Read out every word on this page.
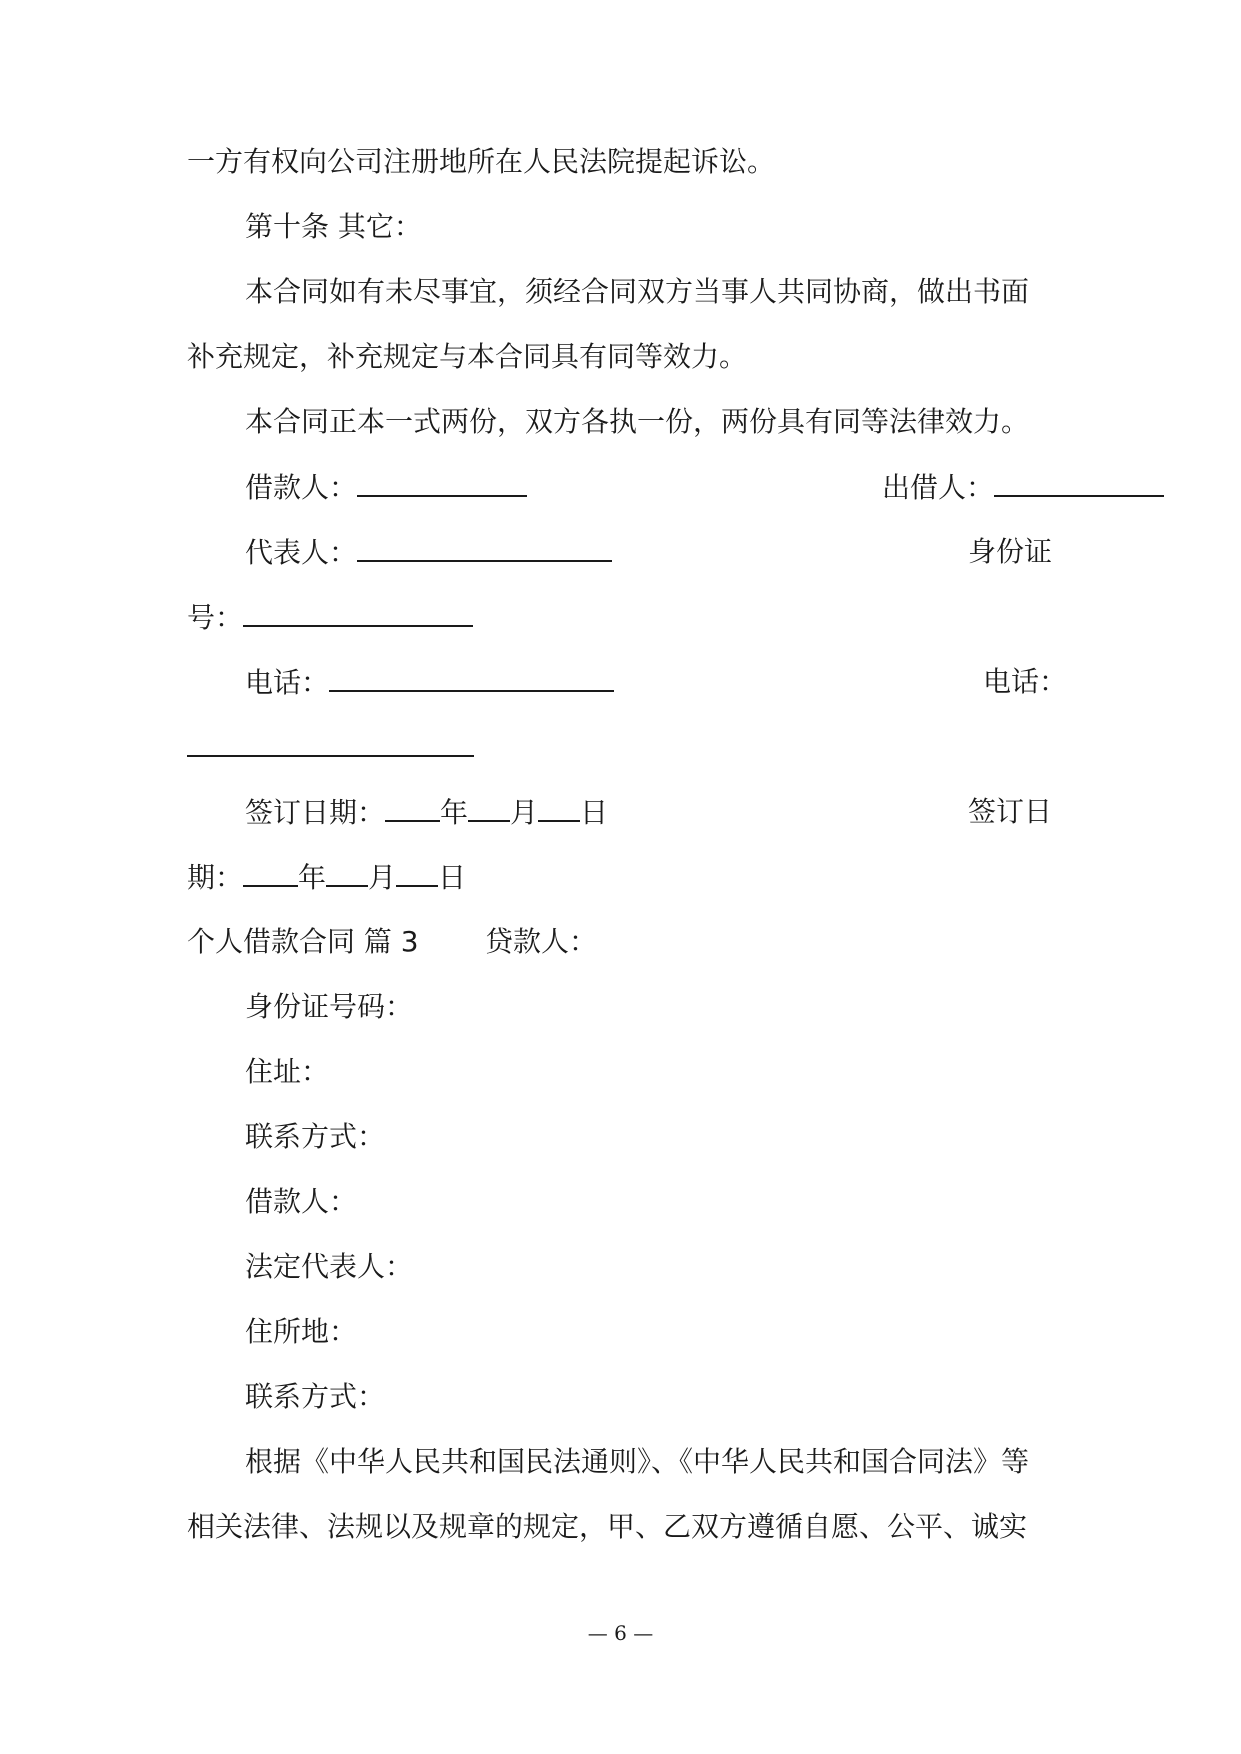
一方有权向公司注册地所在人民法院提起诉讼。
第十条 其它：
本合同如有未尽事宜，须经合同双方当事人共同协商，做出书面
补充规定，补充规定与本合同具有同等效力。
本合同正本一式两份，双方各执一份，两份具有同等法律效力。
借款人：	出借人：
代表人：	身份证
号：
电话：	电话：
签订日期： 年 月 日	签订日
期： 年 月 日
个人借款合同 篇 3 贷款人：
身份证号码：
住址：
联系方式：
借款人：
法定代表人：
住所地：
联系方式：
根据《中华人民共和国民法通则》、《中华人民共和国合同法》等
相关法律、法规以及规章的规定，甲、乙双方遵循自愿、公平、诚实
— 6 —
